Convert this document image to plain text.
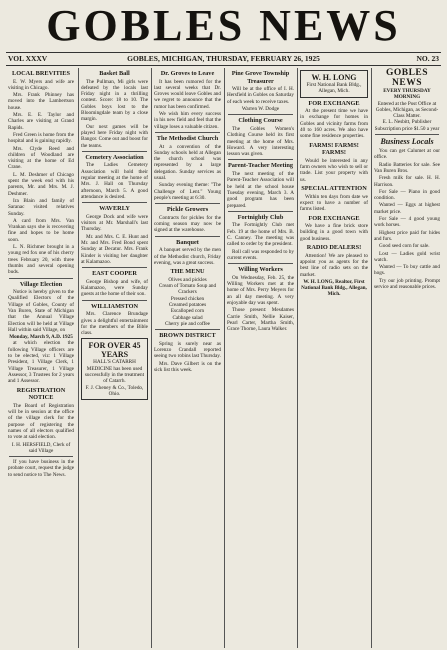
GOBLES NEWS
VOL XXXV	GOBLES, MICHIGAN, THURSDAY, FEBRUARY 26, 1925	NO. 23
LOCAL BREVITIES
E. W. Myers and wife are visiting in Chicago.
Mrs. Frank Phinney has moved into the Lambertson house.
Mrs. E. E. Taylor and Charles are visiting at Grand Rapids.
Fred Green is home from the hospital and is gaining rapidly.
Mrs. Clyde Reed and children of Woodland are visiting at the home of Ed Crane.
L. M. Deshmer of Chicago spent the week end with his parents, Mr. and Mrs. M. J. Deshmer.
Ira Blain and family of Saranac visited relatives Sunday.
A card from Mrs. Van Vrankan says she is recovering fine and hopes to be home soon.
L. N. Richmer brought in a young red fox one of his cherry trees February 20, with three thumbs and several opening buds.
Village Election
Notice is hereby given to the Qualified Electors of the Village of Gobles, County of Van Buren, State of Michigan that the Annual Village Election will be held at Village Hall within said Village, on
Monday, March 9, A.D. 1925
at which election the following Village officers are to be elected, viz: 1 Village President, 1 Village Clerk, 1 Village Treasurer, 1 Village Assessor, 3 Trustees for 2 years and 1 Assessor.
REGISTRATION NOTICE
The Board of Registration will be in session at the office of the village clerk for the purpose of registering the names of all electors qualified to vote at said election.
I. H. HERSFIELD, Clerk of said Village
If you have business in the probate court, request the judge to send notice to The News.
Basket Ball
The Pullman, Mi girls were defeated by the locals last Friday night in a thrilling contest. Score: 18 to 10. The Gobles boys lost to the Bloomingdale team by a close margin.
Our next games will be played here Friday night with Bangor. Come out and boost for the teams.
Cemetery Association
The Ladies Cemetery Association will hold their regular meeting at the home of Mrs. J. Hall on Thursday afternoon, March 5. A good attendance is desired.
WAVERLY
George Dock and wife were visitors at Mr. Marshall's last Thursday.
Mr. and Mrs. C. E. Hunt and Mr. and Mrs. Fred Bond spent Sunday at Decatur. Mrs. Frank Kinder is visiting her daughter at Kalamazoo.
EAST COOPER
George Bishop and wife, of Kalamazoo, were Sunday guests at the home of their son.
WILLIAMSTON
Mrs. Clarence Brundage gives a delightful entertainment for the members of the Bible class.
FOR OVER 45 YEARS
HALL'S CATARRH MEDICINE has been used successfully in the treatment of Catarrh.
F. J. Cheney & Co., Toledo, Ohio.
Dr. Groves to Leave
It has been rumored for the last several weeks that Dr. Groves would leave Gobles and we regret to announce that the rumor has been confirmed.
We wish him every success in his new field and feel that the village loses a valuable citizen.
The Methodist Church
At a convention of the Sunday schools held at Allegan the church school was represented by a large delegation. Sunday services as usual.
Sunday evening theme: "The Challenge of Lent." Young people's meeting at 6:30.
Pickle Growers
Contracts for pickles for the coming season may now be signed at the warehouse.
Banquet
A banquet served by the men of the Methodist church, Friday evening, was a great success.
THE MENU
Olives and pickles
Cream of Tomato Soup and Crackers
Pressed chicken
Creamed potatoes
Escalloped corn
Cabbage salad
Cherry pie and coffee
BROWN DISTRICT
Spring is surely near as Lorenzo Crandall reported seeing two robins last Thursday.
Mrs. Dave Gilbert is on the sick list this week.
Pine Grove Township Treasurer
Will be at the office of I. H. Hersfield in Gobles on Saturday of each week to receive taxes.
Warren W. Dodge
Clothing Course
The Gobles Women's Clothing Course held its first meeting at the home of Mrs. Howard. A very interesting lesson was given.
Parent-Teacher Meeting
The next meeting of the Parent-Teacher Association will be held at the school house Tuesday evening, March 3. A good program has been prepared.
Fortnightly Club
The Fortnightly Club met Feb. 19 at the home of Mrs. B. C. Canney. The meeting was called to order by the president.
Roll call was responded to by current events.
Willing Workers
On Wednesday, Feb. 25, the Willing Workers met at the home of Mrs. Perry Meyers for an all day meeting. A very enjoyable day was spent.
Those present: Mesdames Carrie Smith, Nellie Kaiser, Pearl Carter, Martha Smith, Grace Thorne, Laura Walker.
W. H. LONG
First National Bank Bldg., Allegan, Mich.
FOR EXCHANGE
At the present time we have in exchange for homes in Gobles and vicinity farms from 40 to 160 acres. We also have some fine residence properties.
FARMS! FARMS! FARMS!
Would be interested in any farm owners who wish to sell or trade. List your property with us.
SPECIAL ATTENTION
Within ten days from date we expect to have a number of farms listed.
FOR EXCHANGE
We have a fine brick store building in a good town with good business.
RADIO DEALERS!
Attention! We are pleased to appoint you as agents for the best line of radio sets on the market.
W. H. LONG, Realtor, First National Bank Bldg., Allegan, Mich.
GOBLES NEWS
EVERY THURSDAY MORNING
Entered at the Post Office at Gobles, Michigan, as Second-Class Matter.
E. L. Nesbitt, Publisher
Subscription price $1.50 a year
Business Locals
You can get Calumet at our office.
Radio Batteries for sale. See Van Buren Bros.
Fresh milk for sale. H. H. Harrison.
For Sale — Piano in good condition.
Wanted — Eggs at highest market price.
For Sale — 4 good young work horses.
Highest price paid for hides and furs.
Good seed corn for sale.
Lost — Ladies gold wrist watch.
Wanted — To buy cattle and hogs.
Try our job printing. Prompt service and reasonable prices.
